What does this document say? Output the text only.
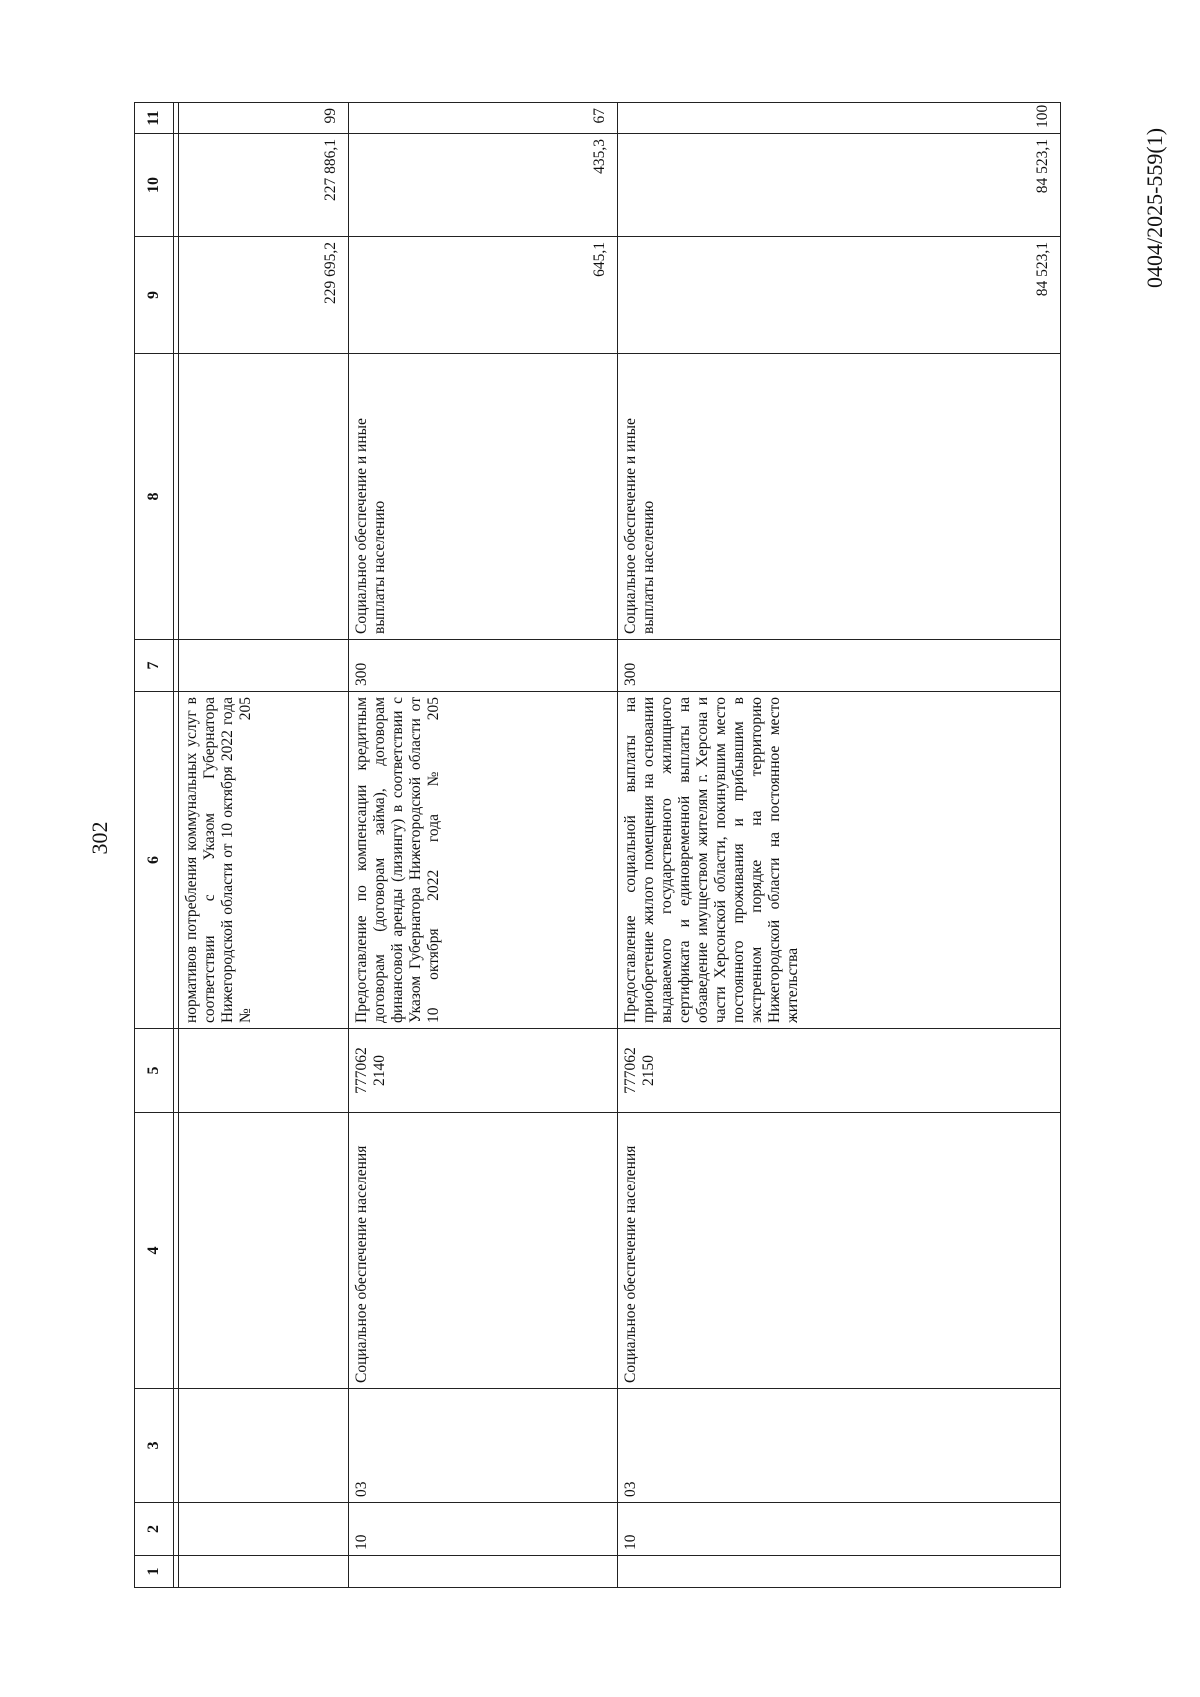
302
0404/2025-559(1)
1	2	3	4	5	6	7	8	9	10	11

					нормативов потребления коммунальных услуг в соответствии с Указом Губернатора Нижегородской области от 10 октября 2022 года № 205			229 695,2	227 886,1	99
	10	03	Социальное обеспечение населения	777062 2140	Предоставление по компенсации кредитным договорам (договорам займа), договорам финансовой аренды (лизингу) в соответствии с Указом Губернатора Нижегородской области от 10 октября 2022 года № 205	300	Социальное обеспечение и иные выплаты населению	645,1	435,3	67
	10	03	Социальное обеспечение населения	777062 2150	Предоставление социальной выплаты на приобретение жилого помещения на основании выдаваемого государственного жилищного сертификата и единовременной выплаты на обзаведение имуществом жителям г. Херсона и части Херсонской области, покинувшим место постоянного проживания и прибывшим в экстренном порядке на территорию Нижегородской области на постоянное место жительства	300	Социальное обеспечение и иные выплаты населению	84 523,1	84 523,1	100
